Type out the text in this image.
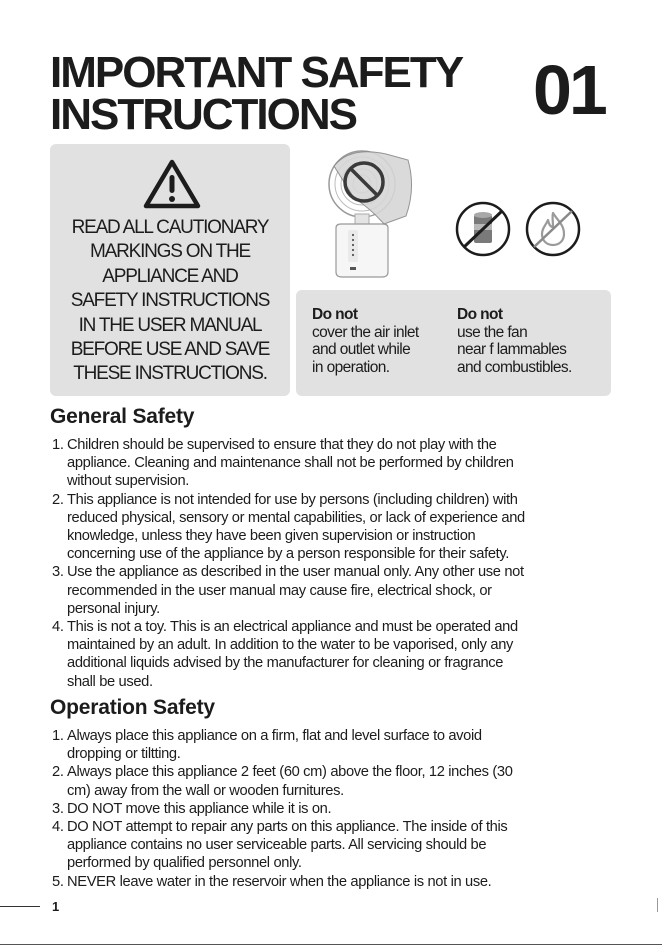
IMPORTANT SAFETY
INSTRUCTIONS	01
READ ALL CAUTIONARY
MARKINGS ON THE
APPLIANCE AND
SAFETY INSTRUCTIONS
IN THE USER MANUAL
BEFORE USE AND SAVE
THESE INSTRUCTIONS.
Do not
cover the air inlet
and outlet while
in operation.
Do not
use the fan
near f lammables
and combustibles.
General Safety
1. Children should be supervised to ensure that they do not play with the
appliance. Cleaning and maintenance shall not be performed by children
without supervision.
2. This appliance is not intended for use by persons (including children) with
reduced physical, sensory or mental capabilities, or lack of experience and
knowledge, unless they have been given supervision or instruction
concerning use of the appliance by a person responsible for their safety.
3. Use the appliance as described in the user manual only. Any other use not
recommended in the user manual may cause fire, electrical shock, or
personal injury.
4. This is not a toy. This is an electrical appliance and must be operated and
maintained by an adult. In addition to the water to be vaporised, only any
additional liquids advised by the manufacturer for cleaning or fragrance
shall be used.
Operation Safety
1. Always place this appliance on a firm, flat and level surface to avoid
dropping or tiltting.
2. Always place this appliance 2 feet (60 cm) above the floor, 12 inches (30
cm) away from the wall or wooden furnitures.
3. DO NOT move this appliance while it is on.
4. DO NOT attempt to repair any parts on this appliance. The inside of this
appliance contains no user serviceable parts. All servicing should be
performed by qualified personnel only.
5. NEVER leave water in the reservoir when the appliance is not in use.
1
